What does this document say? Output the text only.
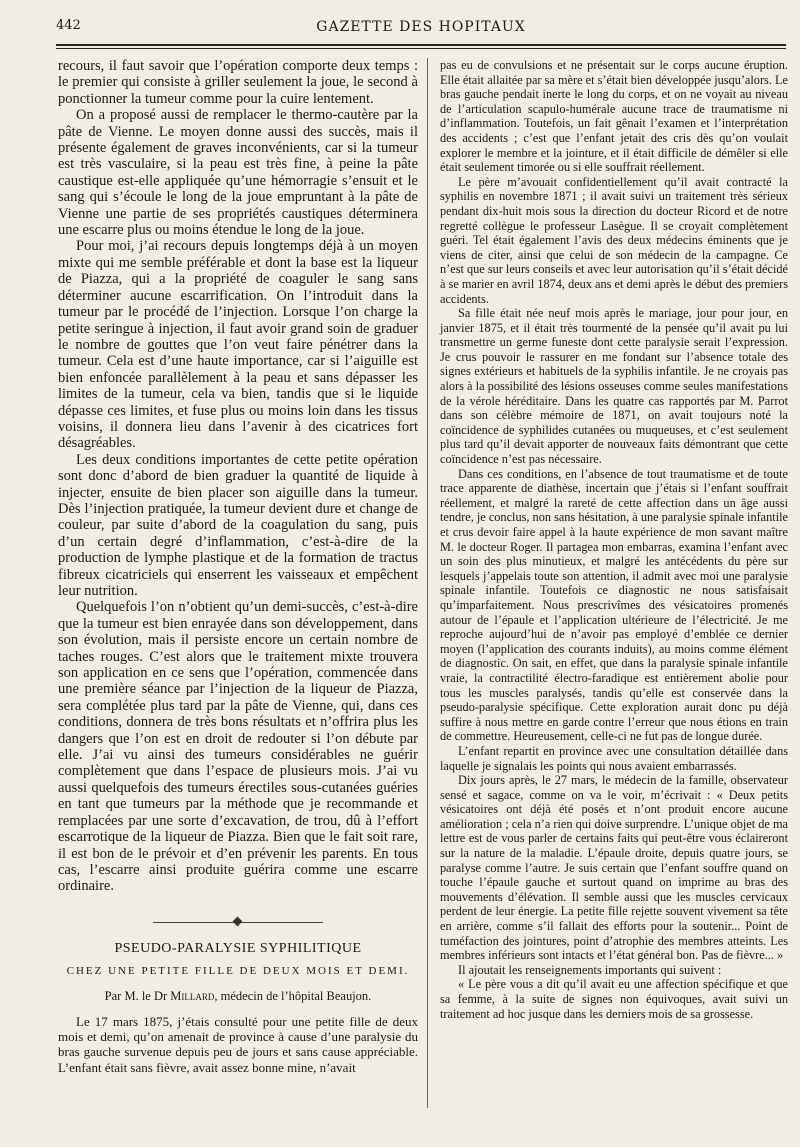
442	GAZETTE DES HOPITAUX

recours, il faut savoir que l’opération comporte deux temps : le premier qui consiste à griller seulement la joue, le second à ponctionner la tumeur comme pour la cuire lentement.

On a proposé aussi de remplacer le thermo-cautère par la pâte de Vienne. Le moyen donne aussi des succès, mais il présente également de graves inconvénients, car si la tumeur est très vasculaire, si la peau est très fine, à peine la pâte caustique est-elle appliquée qu’une hémorragie s’ensuit et le sang qui s’écoule le long de la joue empruntant à la pâte de Vienne une partie de ses propriétés caustiques déterminera une escarre plus ou moins étendue le long de la joue.

Pour moi, j’ai recours depuis longtemps déjà à un moyen mixte qui me semble préférable et dont la base est la liqueur de Piazza, qui a la propriété de coaguler le sang sans déterminer aucune escarrification. On l’introduit dans la tumeur par le procédé de l’injection. Lorsque l’on charge la petite seringue à injection, il faut avoir grand soin de graduer le nombre de gouttes que l’on veut faire pénétrer dans la tumeur. Cela est d’une haute importance, car si l’aiguille est bien enfoncée parallèlement à la peau et sans dépasser les limites de la tumeur, cela va bien, tandis que si le liquide dépasse ces limites, et fuse plus ou moins loin dans les tissus voisins, il donnera lieu dans l’avenir à des cicatrices fort désagréables.

Les deux conditions importantes de cette petite opération sont donc d’abord de bien graduer la quantité de liquide à injecter, ensuite de bien placer son aiguille dans la tumeur. Dès l’injection pratiquée, la tumeur devient dure et change de couleur, par suite d’abord de la coagulation du sang, puis d’un certain degré d’inflammation, c’est-à-dire de la production de lymphe plastique et de la formation de tractus fibreux cicatriciels qui enserrent les vaisseaux et empêchent leur nutrition.

Quelquefois l’on n’obtient qu’un demi-succès, c’est-à-dire que la tumeur est bien enrayée dans son développement, dans son évolution, mais il persiste encore un certain nombre de taches rouges. C’est alors que le traitement mixte trouvera son application en ce sens que l’opération, commencée dans une première séance par l’injection de la liqueur de Piazza, sera complétée plus tard par la pâte de Vienne, qui, dans ces conditions, donnera de très bons résultats et n’offrira plus les dangers que l’on est en droit de redouter si l’on débute par elle. J’ai vu ainsi des tumeurs considérables ne guérir complètement que dans l’espace de plusieurs mois. J’ai vu aussi quelquefois des tumeurs érectiles sous-cutanées guéries en tant que tumeurs par la méthode que je recommande et remplacées par une sorte d’excavation, de trou, dû à l’effort escarrotique de la liqueur de Piazza. Bien que le fait soit rare, il est bon de le prévoir et d’en prévenir les parents. En tous cas, l’escarre ainsi produite guérira comme une escarre ordinaire.

PSEUDO-PARALYSIE SYPHILITIQUE
CHEZ UNE PETITE FILLE DE DEUX MOIS ET DEMI.
Par M. le Dr Millard, médecin de l’hôpital Beaujon.

Le 17 mars 1875, j’étais consulté pour une petite fille de deux mois et demi, qu’on amenait de province à cause d’une paralysie du bras gauche survenue depuis peu de jours et sans cause appréciable. L’enfant était sans fièvre, avait assez bonne mine, n’avait

pas eu de convulsions et ne présentait sur le corps aucune éruption. Elle était allaitée par sa mère et s’était bien développée jusqu’alors. Le bras gauche pendait inerte le long du corps, et on ne voyait au niveau de l’articulation scapulo-humérale aucune trace de traumatisme ni d’inflammation. Toutefois, un fait gênait l’examen et l’interprétation des accidents ; c’est que l’enfant jetait des cris dès qu’on voulait explorer le membre et la jointure, et il était difficile de démêler si elle était seulement timorée ou si elle souffrait réellement.

Le père m’avouait confidentiellement qu’il avait contracté la syphilis en novembre 1871 ; il avait suivi un traitement très sérieux pendant dix-huit mois sous la direction du docteur Ricord et de notre regretté collègue le professeur Lasègue. Il se croyait complètement guéri. Tel était également l’avis des deux médecins éminents que je viens de citer, ainsi que celui de son médecin de la campagne. Ce n’est que sur leurs conseils et avec leur autorisation qu’il s’était décidé à se marier en avril 1874, deux ans et demi après le début des premiers accidents.

Sa fille était née neuf mois après le mariage, jour pour jour, en janvier 1875, et il était très tourmenté de la pensée qu’il avait pu lui transmettre un germe funeste dont cette paralysie serait l’expression. Je crus pouvoir le rassurer en me fondant sur l’absence totale des signes extérieurs et habituels de la syphilis infantile. Je ne croyais pas alors à la possibilité des lésions osseuses comme seules manifestations de la vérole héréditaire. Dans les quatre cas rapportés par M. Parrot dans son célèbre mémoire de 1871, on avait toujours noté la coïncidence de syphilides cutanées ou muqueuses, et c’est seulement plus tard qu’il devait apporter de nouveaux faits démontrant que cette coïncidence n’est pas nécessaire.

Dans ces conditions, en l’absence de tout traumatisme et de toute trace apparente de diathèse, incertain que j’étais si l’enfant souffrait réellement, et malgré la rareté de cette affection dans un âge aussi tendre, je conclus, non sans hésitation, à une paralysie spinale infantile et crus devoir faire appel à la haute expérience de mon savant maître M. le docteur Roger. Il partagea mon embarras, examina l’enfant avec un soin des plus minutieux, et malgré les antécédents du père sur lesquels j’appelais toute son attention, il admit avec moi une paralysie spinale infantile. Toutefois ce diagnostic ne nous satisfaisait qu’imparfaitement. Nous prescrivîmes des vésicatoires promenés autour de l’épaule et l’application ultérieure de l’électricité. Je me reproche aujourd’hui de n’avoir pas employé d’emblée ce dernier moyen (l’application des courants induits), au moins comme élément de diagnostic. On sait, en effet, que dans la paralysie spinale infantile vraie, la contractilité électro-faradique est entièrement abolie pour tous les muscles paralysés, tandis qu’elle est conservée dans la pseudo-paralysie spécifique. Cette exploration aurait donc pu déjà suffire à nous mettre en garde contre l’erreur que nous étions en train de commettre. Heureusement, celle-ci ne fut pas de longue durée.

L’enfant repartit en province avec une consultation détaillée dans laquelle je signalais les points qui nous avaient embarrassés.

Dix jours après, le 27 mars, le médecin de la famille, observateur sensé et sagace, comme on va le voir, m’écrivait : « Deux petits vésicatoires ont déjà été posés et n’ont produit encore aucune amélioration ; cela n’a rien qui doive surprendre. L’unique objet de ma lettre est de vous parler de certains faits qui peut-être vous éclaireront sur la nature de la maladie. L’épaule droite, depuis quatre jours, se paralyse comme l’autre. Je suis certain que l’enfant souffre quand on touche l’épaule gauche et surtout quand on imprime au bras des mouvements d’élévation. Il semble aussi que les muscles cervicaux perdent de leur énergie. La petite fille rejette souvent vivement sa tête en arrière, comme s’il fallait des efforts pour la soutenir... Point de tuméfaction des jointures, point d’atrophie des membres atteints. Les membres inférieurs sont intacts et l’état général bon. Pas de fièvre... »

Il ajoutait les renseignements importants qui suivent :

« Le père vous a dit qu’il avait eu une affection spécifique et que sa femme, à la suite de signes non équivoques, avait suivi un traitement ad hoc jusque dans les derniers mois de sa grossesse.
